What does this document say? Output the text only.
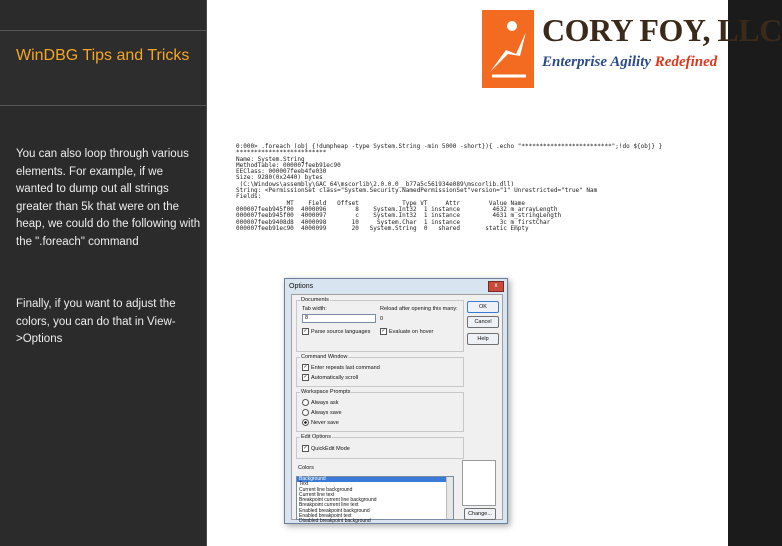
WinDBG Tips and Tricks
You can also loop through various elements. For example, if we wanted to dump out all strings greater than 5k that were on the heap, we could do the following with the ".foreach" command
Finally, if you want to adjust the colors, you can do that in View->Options
CORY FOY, LLC
Enterprise Agility Redefined
0:000> .foreach (obj {!dumpheap -type System.String -min 5000 -short}){ .echo "*************************";!do ${obj} }
*************************
Name: System.String
MethodTable: 000007feeb91ec90
EEClass: 000007feeb4fe030
Size: 9280(0x2440) bytes
(C:\Windows\assembly\GAC_64\mscorlib\2.0.0.0__b77a5c561934e089\mscorlib.dll)
String: <PermissionSet class="System.Security.NamedPermissionSet"version="1" Unrestricted="true" Nam
Fields:
MT    Field   Offset            Type VT     Attr        Value Name
000007feeb945f00  4000096        8    System.Int32  1 instance         4632 m_arrayLength
000007feeb945f00  4000097        c    System.Int32  1 instance         4631 m_stringLength
000007feeb9408d8  4000098       10     System.Char  1 instance           3c m_firstChar
000007feeb91ec90  4000099       20   System.String  0   shared       static Empty
Options	x
Documents
Tab width:
8
Reload after opening this many:
0
✓ Parse source languages ✓ Evaluate on hover
OK
Cancel
Help
Command Window
✓ Enter repeats last command
✓ Automatically scroll
Workspace Prompts
Always ask
Always save
Never save
Edit Options
✓ QuickEdit Mode
Colors
Background
Text
Current line background
Current line text
Breakpoint current line background
Breakpoint current line text
Enabled breakpoint background
Enabled breakpoint text
Disabled breakpoint background
Change...
